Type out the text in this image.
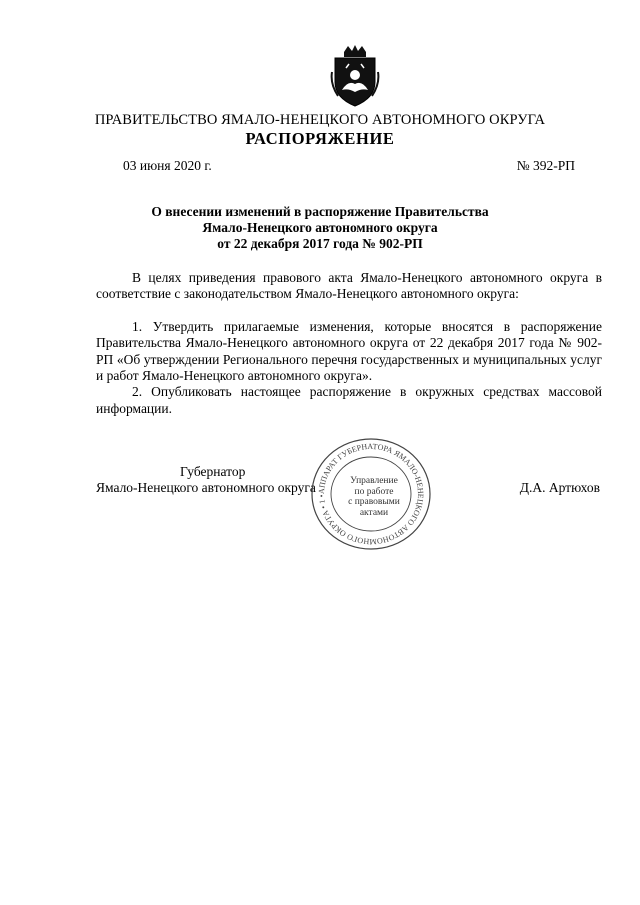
ПРАВИТЕЛЬСТВО ЯМАЛО-НЕНЕЦКОГО АВТОНОМНОГО ОКРУГА
РАСПОРЯЖЕНИЕ
03 июня 2020 г.	№ 392-РП
О внесении изменений в распоряжение Правительства
Ямало-Ненецкого автономного округа
от 22 декабря 2017 года № 902-РП

В целях приведения правового акта Ямало-Ненецкого автономного округа в соответствие с законодательством Ямало-Ненецкого автономного округа:

1. Утвердить прилагаемые изменения, которые вносятся в распоряжение Правительства Ямало-Ненецкого автономного округа от 22 декабря 2017 года № 902-РП «Об утверждении Регионального перечня государственных и муниципальных услуг и работ Ямало-Ненецкого автономного округа».

2. Опубликовать настоящее распоряжение в окружных средствах массовой информации.

Губернатор
Ямало-Ненецкого автономного округа	Д.А. Артюхов
АППАРАТ ГУБЕРНАТОРА ЯМАЛО-НЕНЕЦКОГО АВТОНОМНОГО ОКРУГА • 1 •
Управление
по работе
с правовыми
актами
